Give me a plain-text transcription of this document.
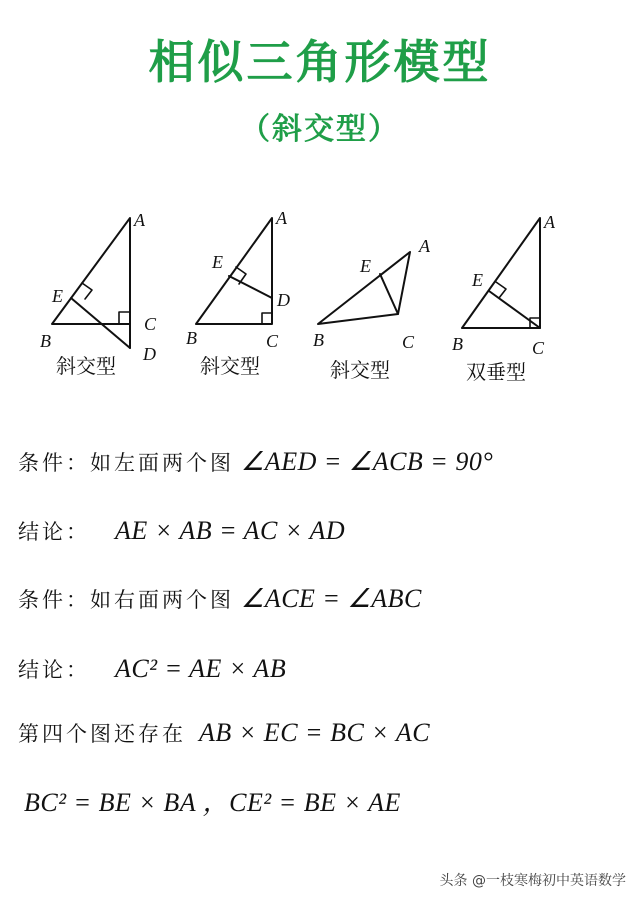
相似三角形模型
（斜交型）
A
E
B
C
D
A
E
D
B	C
A
E
B	C
A
E
B	C
斜交型	斜交型	斜交型	双垂型
条件：如左面两个图 ∠AED = ∠ACB = 90°
结论： AE × AB = AC × AD
条件：如右面两个图 ∠ACE = ∠ABC
结论： AC² = AE × AB
第四个图还存在 AB × EC = BC × AC
BC² = BE × BA ，CE² = BE × AE
头条 @一枝寒梅初中英语数学
